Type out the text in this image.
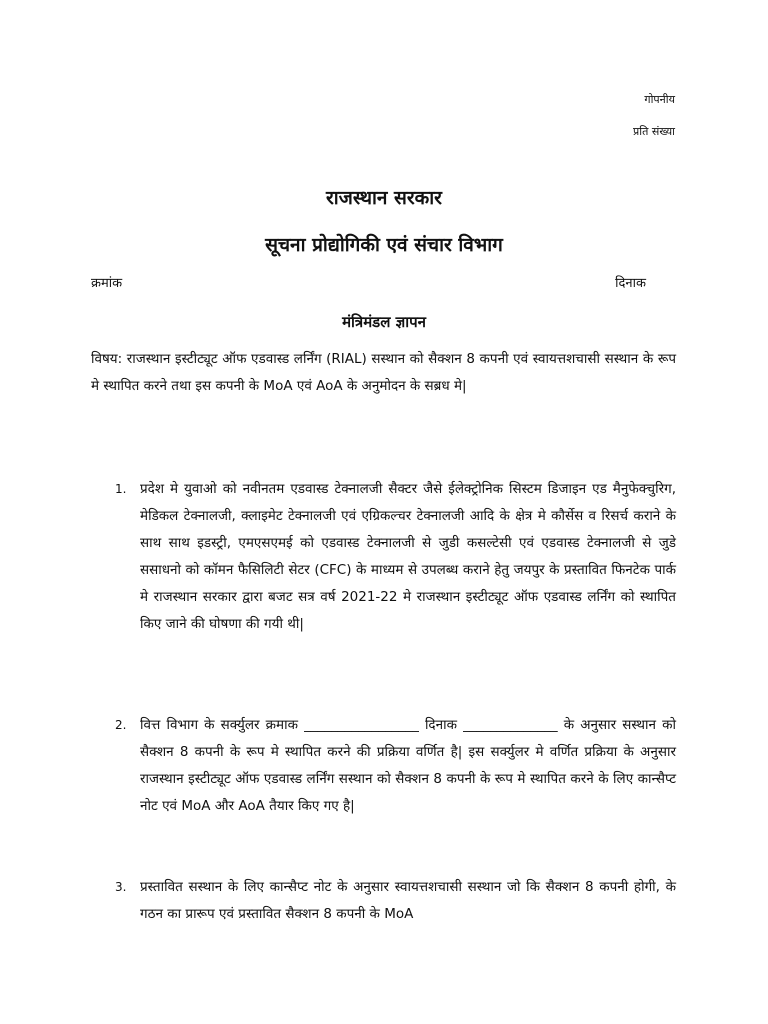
गोपनीय
प्रति संख्या
राजस्थान सरकार
सूचना प्रोद्योगिकी एवं संचार विभाग
क्रमांक	दिनाक
मंत्रिमंडल ज्ञापन
विषय: राजस्थान इस्टीट्यूट ऑफ एडवास्ड लर्निंग (RIAL) सस्थान को सैक्शन 8 कपनी एवं स्वायत्तशचासी सस्थान के रूप मे स्थापित करने तथा इस कपनी के MoA एवं AoA के अनुमोदन के सब्रध मे|
1. प्रदेश मे युवाओ को नवीनतम एडवास्ड टेक्नालजी सैक्टर जैसे ईलेक्ट्रोनिक सिस्टम डिजाइन एड मैनुफेक्चुरिग, मेडिकल टेक्नालजी, क्लाइमेट टेक्नालजी एवं एग्रिकल्चर टेक्नालजी आदि के क्षेत्र मे कौर्सेस व रिसर्च कराने के साथ साथ इडस्ट्री, एमएसएमई को एडवास्ड टेक्नालजी से जुडी कसल्टेसी एवं एडवास्ड टेक्नालजी से जुडे ससाधनो को कॉमन फैसिलिटी सेटर (CFC) के माध्यम से उपलब्ध कराने हेतु जयपुर के प्रस्तावित फिनटेक पार्क मे राजस्थान सरकार द्वारा बजट सत्र वर्ष 2021-22 मे राजस्थान इस्टीट्यूट ऑफ एडवास्ड लर्निंग को स्थापित किए जाने की घोषणा की गयी थी|
2. वित्त विभाग के सर्क्युलर क्रमाक _________________ दिनाक ______________ के अनुसार सस्थान को सैक्शन 8 कपनी के रूप मे स्थापित करने की प्रक्रिया वर्णित है| इस सर्क्युलर मे वर्णित प्रक्रिया के अनुसार राजस्थान इस्टीट्यूट ऑफ एडवास्ड लर्निंग सस्थान को सैक्शन 8 कपनी के रूप मे स्थापित करने के लिए कान्सैप्ट नोट एवं MoA और AoA तैयार किए गए है|
3. प्रस्तावित सस्थान के लिए कान्सैप्ट नोट के अनुसार स्वायत्तशचासी सस्थान जो कि सैक्शन 8 कपनी होगी, के गठन का प्रारूप एवं प्रस्तावित सैक्शन 8 कपनी के MoA
